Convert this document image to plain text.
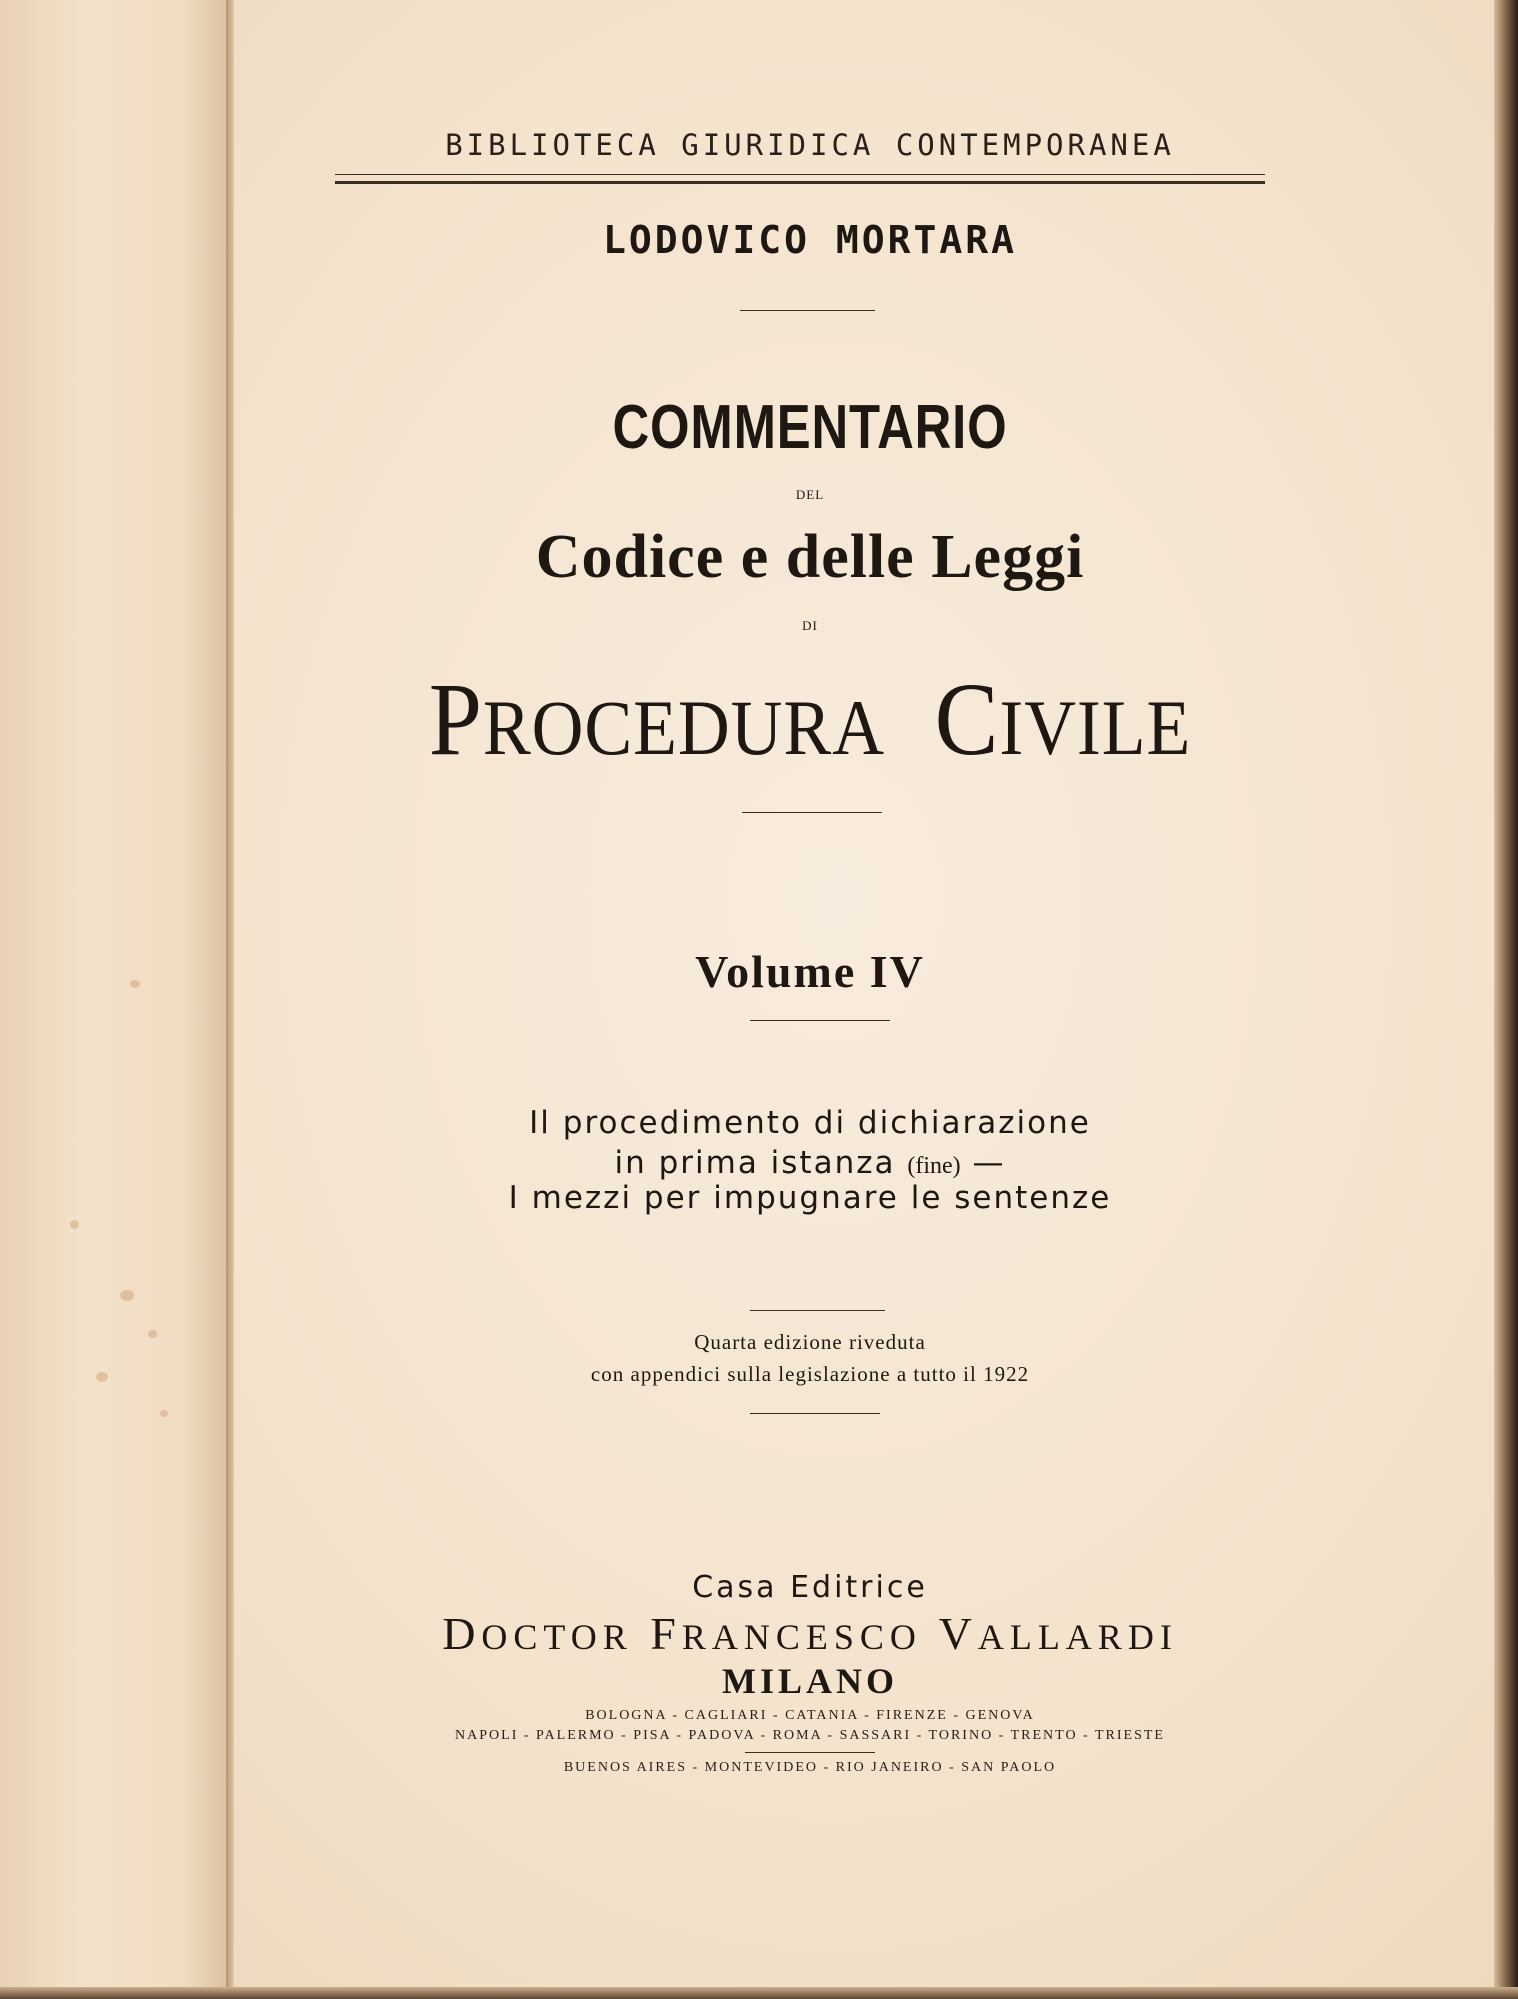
BIBLIOTECA GIURIDICA CONTEMPORANEA
LODOVICO MORTARA
COMMENTARIO
DEL
Codice e delle Leggi
DI
PROCEDURA CIVILE
Volume IV
Il procedimento di dichiarazione
in prima istanza (fine) —
I mezzi per impugnare le sentenze
Quarta edizione riveduta
con appendici sulla legislazione a tutto il 1922
Casa Editrice
DOCTOR FRANCESCO VALLARDI
MILANO
BOLOGNA - CAGLIARI - CATANIA - FIRENZE - GENOVA
NAPOLI - PALERMO - PISA - PADOVA - ROMA - SASSARI - TORINO - TRENTO - TRIESTE
BUENOS AIRES - MONTEVIDEO - RIO JANEIRO - SAN PAOLO
